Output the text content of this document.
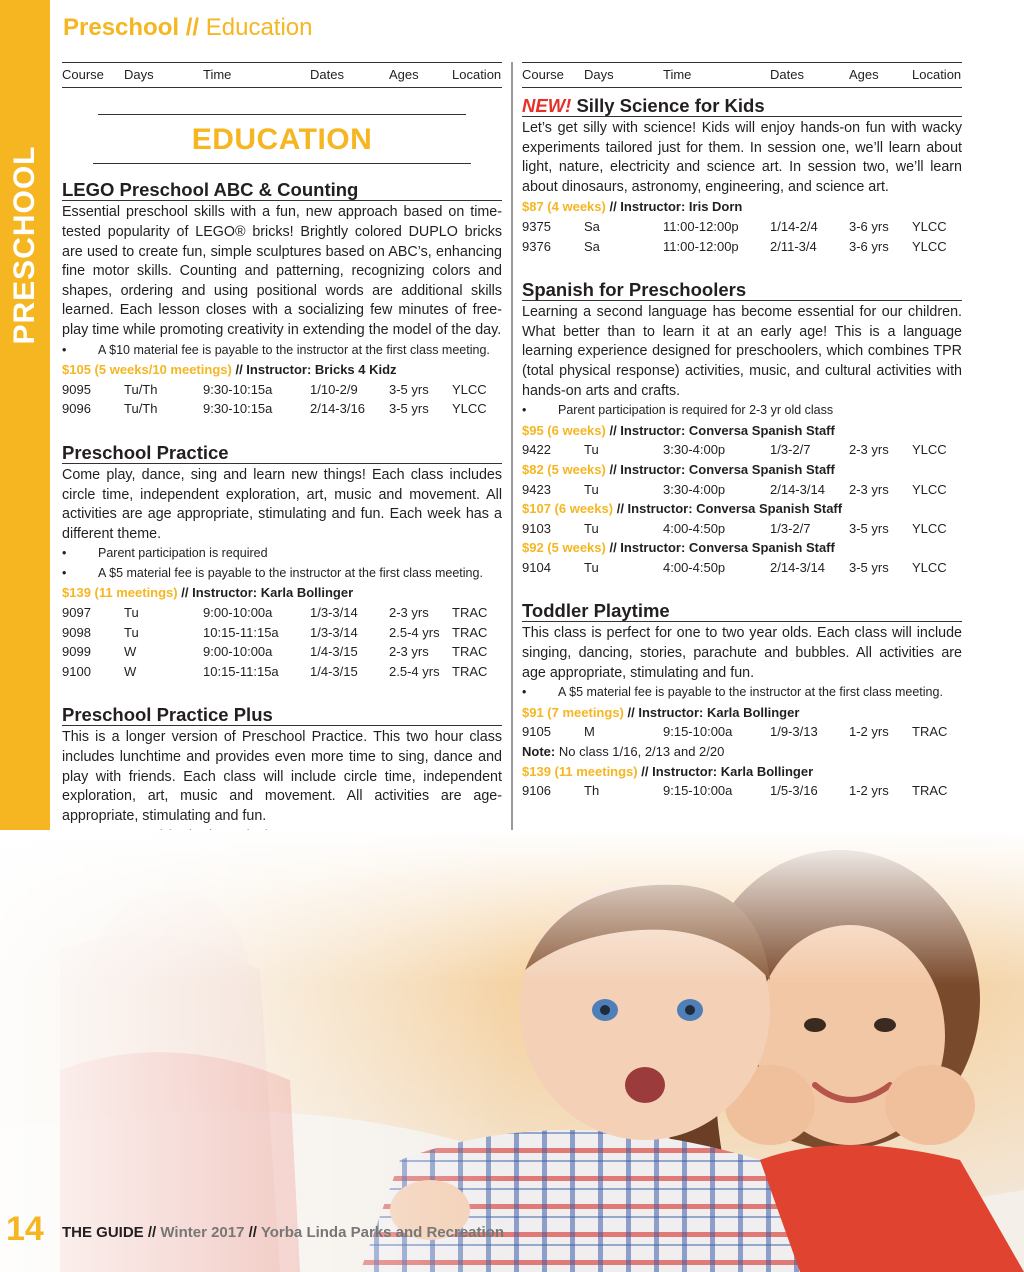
PRESCHOOL
Preschool // Education
Course Days	Time	Dates	Ages	Location
EDUCATION
LEGO Preschool ABC & Counting
Essential preschool skills with a fun, new approach based on time-tested popularity of LEGO® bricks! Brightly colored DUPLO bricks are used to create fun, simple sculptures based on ABC’s, enhancing fine motor skills. Counting and patterning, recognizing colors and shapes, ordering and using positional words are additional skills learned. Each lesson closes with a socializing few minutes of free-play time while promoting creativity in extending the model of the day.
• A $10 material fee is payable to the instructor at the first class meeting.
$105 (5 weeks/10 meetings) // Instructor: Bricks 4 Kidz
9095	Tu/Th	9:30-10:15a	1/10-2/9 3-5 yrs YLCC
9096	Tu/Th	9:30-10:15a	2/14-3/16 3-5 yrs YLCC
Preschool Practice
Come play, dance, sing and learn new things! Each class includes circle time, independent exploration, art, music and movement. All activities are age appropriate, stimulating and fun. Each week has a different theme.
• Parent participation is required
• A $5 material fee is payable to the instructor at the first class meeting.
$139 (11 meetings) // Instructor: Karla Bollinger
9097	Tu	9:00-10:00a	1/3-3/14 2-3 yrs TRAC
9098	Tu	10:15-11:15a 1/3-3/14 2.5-4 yrs TRAC
9099	W	9:00-10:00a	1/4-3/15 2-3 yrs TRAC
9100	W	10:15-11:15a 1/4-3/15 2.5-4 yrs TRAC
Preschool Practice Plus
This is a longer version of Preschool Practice. This two hour class includes lunchtime and provides even more time to sing, dance and play with friends. Each class will include circle time, independent exploration, art, music and movement. All activities are age-appropriate, stimulating and fun.
•
•
•
Course Days	Time	Dates	Ages	Location
NEW! Silly Science for Kids
Let’s get silly with science! Kids will enjoy hands-on fun with wacky experiments tailored just for them. In session one, we’ll learn about light, nature, electricity and science art. In session two, we’ll learn about dinosaurs, astronomy, engineering, and science art.
$87 (4 weeks) // Instructor: Iris Dorn
9375	Sa	11:00-12:00p 1/14-2/4 3-6 yrs YLCC
9376	Sa	11:00-12:00p 2/11-3/4 3-6 yrs YLCC
Spanish for Preschoolers
Learning a second language has become essential for our children. What better than to learn it at an early age! This is a language learning experience designed for preschoolers, which combines TPR (total physical response) activities, music, and cultural activities with hands-on arts and crafts.
• Parent participation is required for 2-3 yr old class
$95 (6 weeks) // Instructor: Conversa Spanish Staff
9422	Tu	3:30-4:00p	1/3-2/7	2-3 yrs YLCC
$82 (5 weeks) // Instructor: Conversa Spanish Staff
9423	Tu	3:30-4:00p	2/14-3/14 2-3 yrs YLCC
$107 (6 weeks) // Instructor: Conversa Spanish Staff
9103	Tu	4:00-4:50p	1/3-2/7	3-5 yrs YLCC
$92 (5 weeks) // Instructor: Conversa Spanish Staff
9104	Tu	4:00-4:50p	2/14-3/14 3-5 yrs YLCC
Toddler Playtime
This class is perfect for one to two year olds. Each class will include singing, dancing, stories, parachute and bubbles. All activities are age appropriate, stimulating and fun.
• A $5 material fee is payable to the instructor at the first class meeting.
$91 (7 meetings) // Instructor: Karla Bollinger
9105	M	9:15-10:00a	1/9-3/13 1-2 yrs TRAC
Note: No class 1/16, 2/13 and 2/20
$139 (11 meetings) // Instructor: Karla Bollinger
9106	Th	9:15-10:00a	1/5-3/16 1-2 yrs TRAC
14 THE GUIDE // Winter 2017 // Yorba Linda Parks and Recreation
